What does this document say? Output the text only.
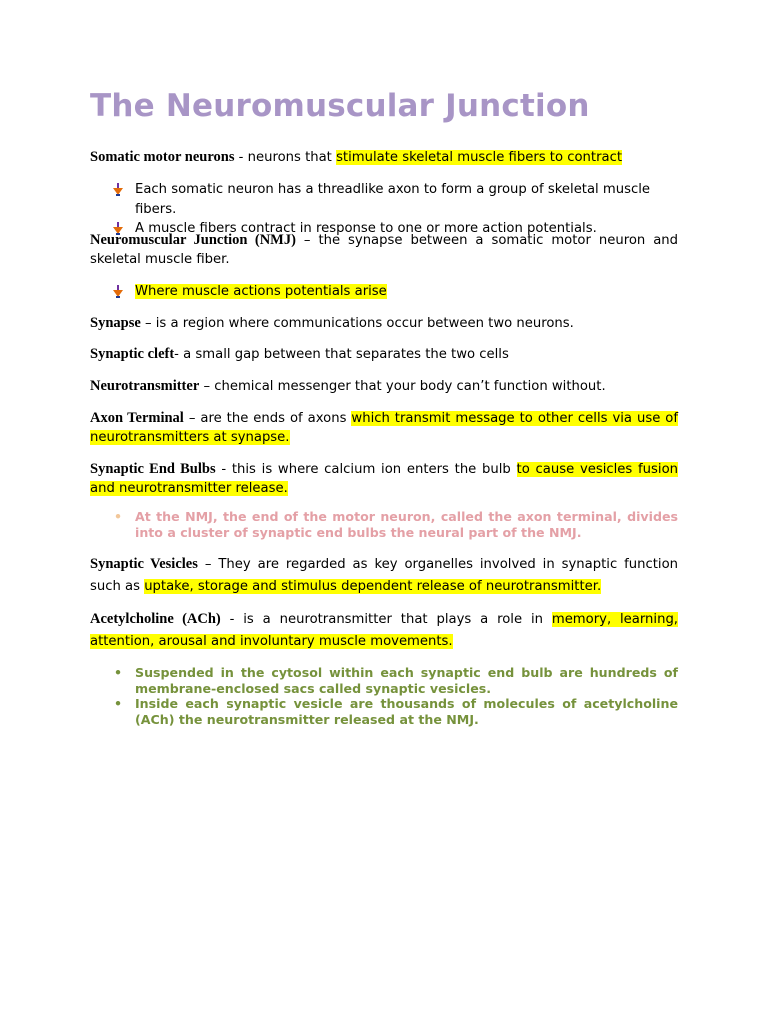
The Neuromuscular Junction
Somatic motor neurons - neurons that stimulate skeletal muscle fibers to contract
Each somatic neuron has a threadlike axon to form a group of skeletal muscle fibers.
A muscle fibers contract in response to one or more action potentials.
Neuromuscular Junction (NMJ) – the synapse between a somatic motor neuron and skeletal muscle fiber.
Where muscle actions potentials arise
Synapse – is a region where communications occur between two neurons.
Synaptic cleft- a small gap between that separates the two cells
Neurotransmitter – chemical messenger that your body can’t function without.
Axon Terminal – are the ends of axons which transmit message to other cells via use of neurotransmitters at synapse.
Synaptic End Bulbs - this is where calcium ion enters the bulb to cause vesicles fusion and neurotransmitter release.
• At the NMJ, the end of the motor neuron, called the axon terminal, divides into a cluster of synaptic end bulbs the neural part of the NMJ.
Synaptic Vesicles – They are regarded as key organelles involved in synaptic function such as uptake, storage and stimulus dependent release of neurotransmitter.
Acetylcholine (ACh) - is a neurotransmitter that plays a role in memory, learning, attention, arousal and involuntary muscle movements.
• Suspended in the cytosol within each synaptic end bulb are hundreds of membrane-enclosed sacs called synaptic vesicles.
• Inside each synaptic vesicle are thousands of molecules of acetylcholine (ACh) the neurotransmitter released at the NMJ.
